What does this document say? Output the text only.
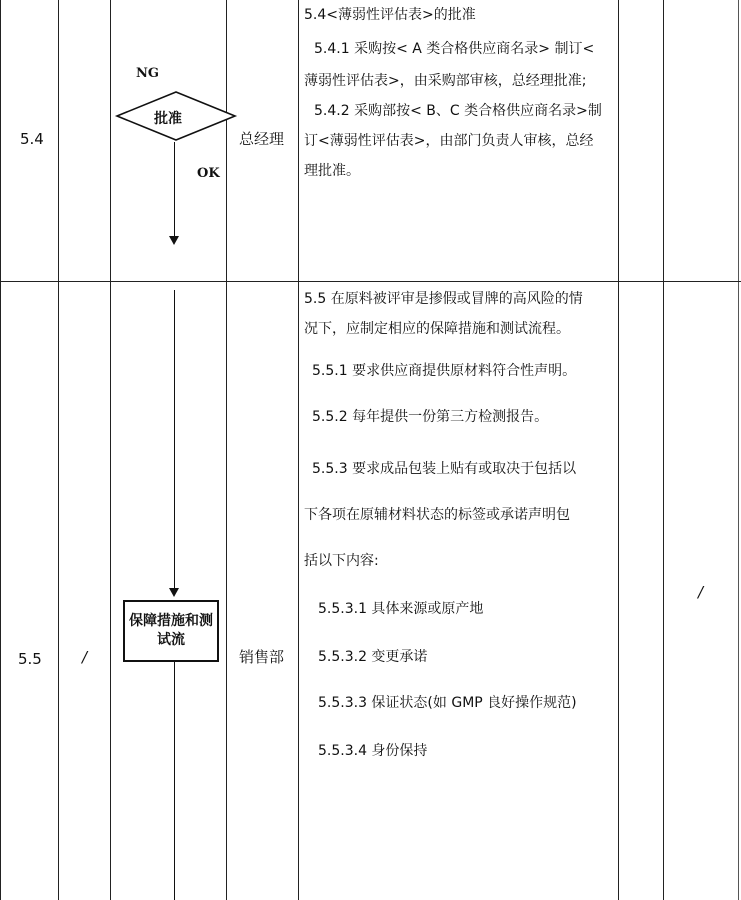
5.4
NG
批准
OK
总经理
5.4<薄弱性评估表>的批准
5.4.1 采购按< A 类合格供应商名录> 制订<
薄弱性评估表>，由采购部审核，总经理批准;
5.4.2 采购部按< B、C 类合格供应商名录>制
订<薄弱性评估表>，由部门负责人审核，总经
理批准。
5.5	/
保障措施和测试流
销售部
/
5.5 在原料被评审是掺假或冒牌的高风险的情
况下，应制定相应的保障措施和测试流程。
5.5.1 要求供应商提供原材料符合性声明。
5.5.2 每年提供一份第三方检测报告。
5.5.3 要求成品包装上贴有或取决于包括以
下各项在原辅材料状态的标签或承诺声明包
括以下内容:
5.5.3.1 具体来源或原产地
5.5.3.2 变更承诺
5.5.3.3 保证状态(如 GMP 良好操作规范)
5.5.3.4 身份保持
